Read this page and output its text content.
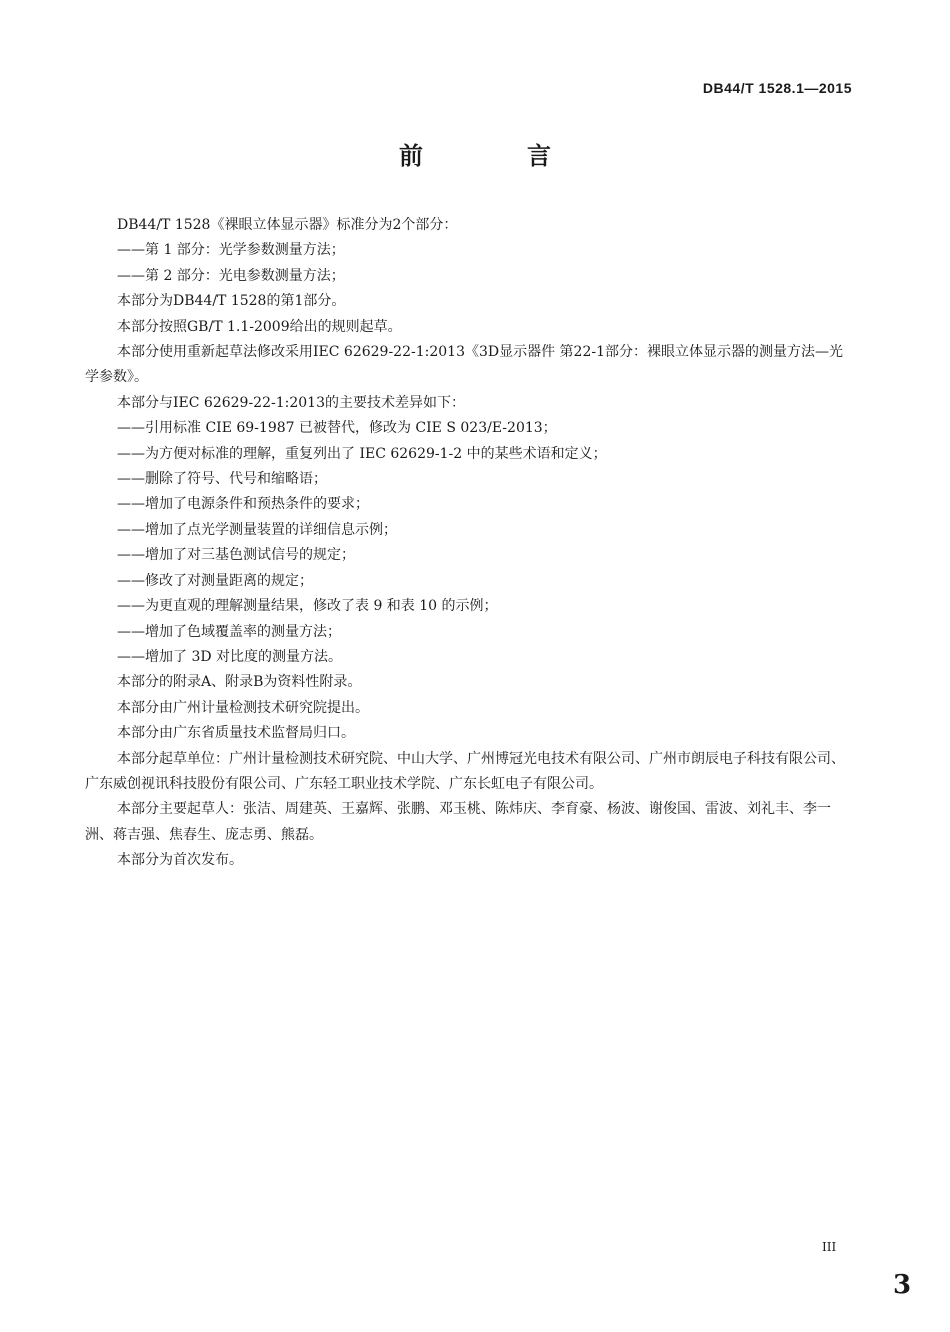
DB44/T 1528.1—2015
前　言

DB44/T 1528《裸眼立体显示器》标准分为2个部分：

——第 1 部分：光学参数测量方法；

——第 2 部分：光电参数测量方法；

本部分为DB44/T 1528的第1部分。

本部分按照GB/T 1.1-2009给出的规则起草。

本部分使用重新起草法修改采用IEC 62629-22-1:2013《3D显示器件 第22-1部分：裸眼立体显示器的测量方法—光学参数》。

本部分与IEC 62629-22-1:2013的主要技术差异如下：

——引用标准 CIE 69-1987 已被替代，修改为 CIE S 023/E-2013；

——为方便对标准的理解，重复列出了 IEC 62629-1-2 中的某些术语和定义；

——删除了符号、代号和缩略语；

——增加了电源条件和预热条件的要求；

——增加了点光学测量装置的详细信息示例；

——增加了对三基色测试信号的规定；

——修改了对测量距离的规定；

——为更直观的理解测量结果，修改了表 9 和表 10 的示例；

——增加了色域覆盖率的测量方法；

——增加了 3D 对比度的测量方法。

本部分的附录A、附录B为资料性附录。

本部分由广州计量检测技术研究院提出。

本部分由广东省质量技术监督局归口。

本部分起草单位：广州计量检测技术研究院、中山大学、广州博冠光电技术有限公司、广州市朗辰电子科技有限公司、广东威创视讯科技股份有限公司、广东轻工职业技术学院、广东长虹电子有限公司。

本部分主要起草人：张洁、周建英、王嘉辉、张鹏、邓玉桃、陈炜庆、李育豪、杨波、谢俊国、雷波、刘礼丰、李一洲、蒋吉强、焦春生、庞志勇、熊磊。

本部分为首次发布。

III
3
